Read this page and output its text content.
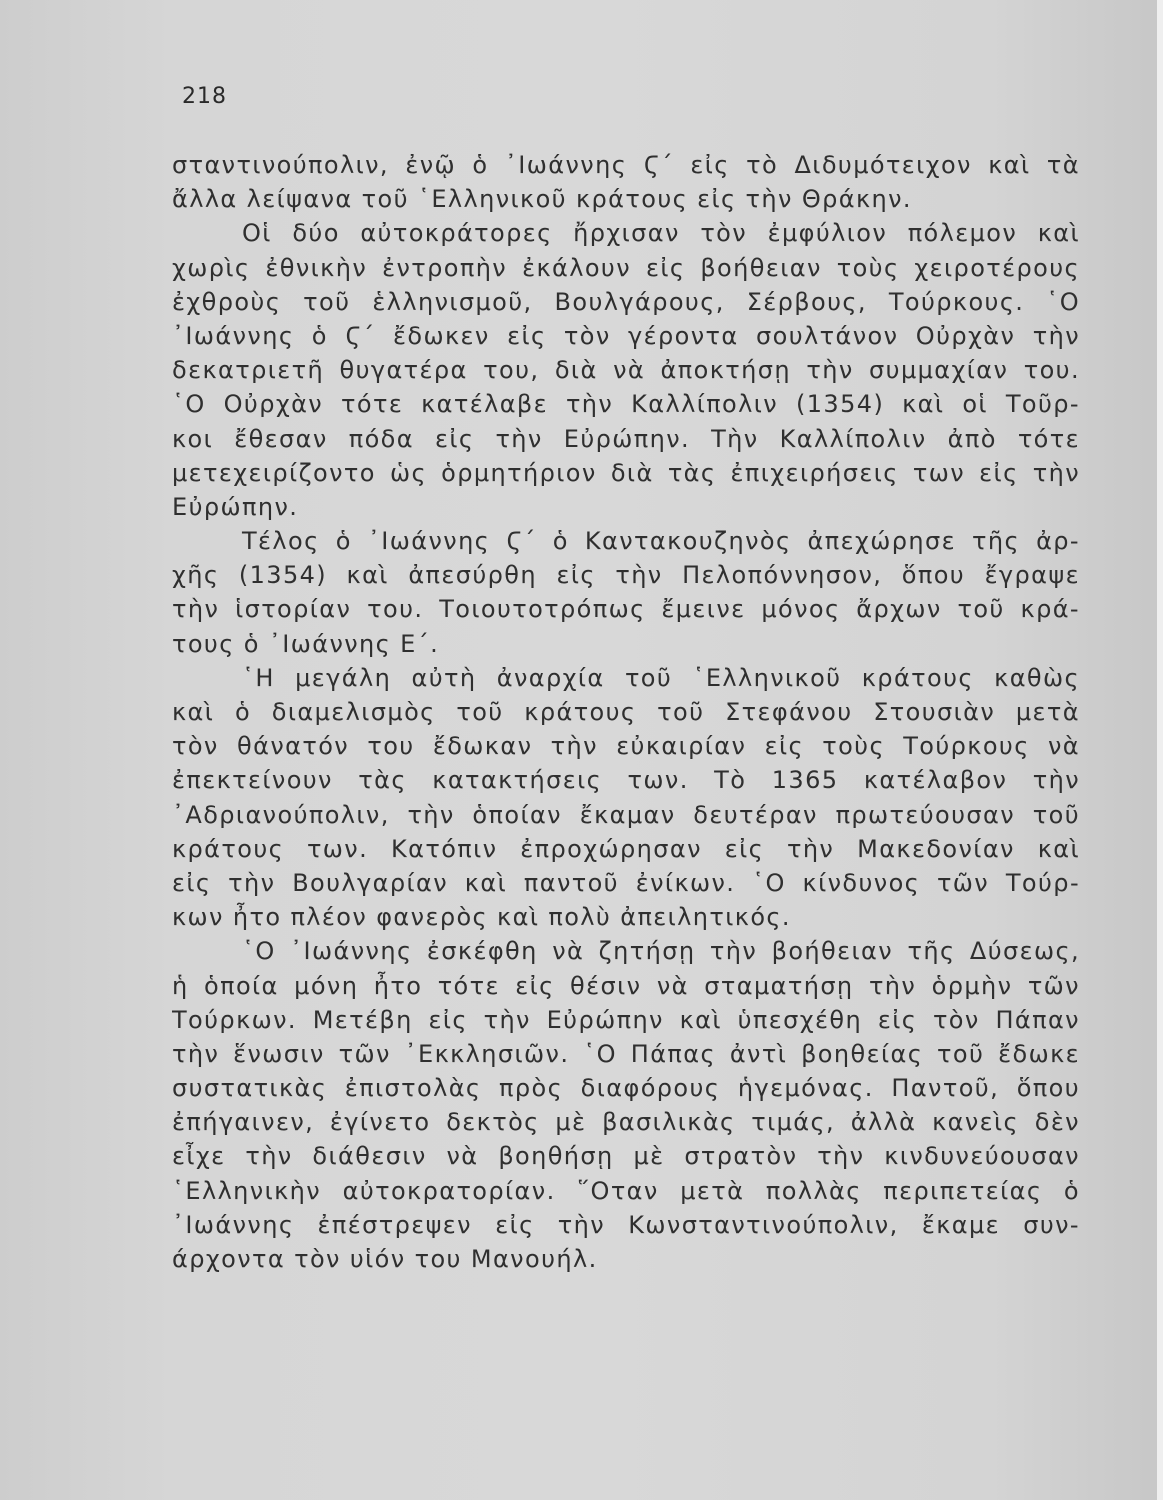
218
σταντινούπολιν, ἐνῷ ὁ ᾿Ιωάννης Ϛ΄ εἰς τὸ Διδυμότειχον καὶ τὰ
ἄλλα λείψανα τοῦ ῾Ελληνικοῦ κράτους εἰς τὴν Θράκην.
Οἱ δύο αὐτοκράτορες ἤρχισαν τὸν ἐμφύλιον πόλεμον καὶ
χωρὶς ἐθνικὴν ἐντροπὴν ἐκάλουν εἰς βοήθειαν τοὺς χειροτέρους
ἐχθροὺς τοῦ ἑλληνισμοῦ, Βουλγάρους, Σέρβους, Τούρκους. ῾Ο
᾿Ιωάννης ὁ Ϛ΄ ἔδωκεν εἰς τὸν γέροντα σουλτάνον Οὐρχὰν τὴν
δεκατριετῆ θυγατέρα του, διὰ νὰ ἀποκτήσῃ τὴν συμμαχίαν του.
῾Ο Οὐρχὰν τότε κατέλαβε τὴν Καλλίπολιν (1354) καὶ οἱ Τοῦρ-
κοι ἔθεσαν πόδα εἰς τὴν Εὐρώπην. Τὴν Καλλίπολιν ἀπὸ τότε
μετεχειρίζοντο ὡς ὁρμητήριον διὰ τὰς ἐπιχειρήσεις των εἰς τὴν
Εὐρώπην.
Τέλος ὁ ᾿Ιωάννης Ϛ΄ ὁ Καντακουζηνὸς ἀπεχώρησε τῆς ἀρ-
χῆς (1354) καὶ ἀπεσύρθη εἰς τὴν Πελοπόννησον, ὅπου ἔγραψε
τὴν ἱστορίαν του. Τοιουτοτρόπως ἔμεινε μόνος ἄρχων τοῦ κρά-
τους ὁ ᾿Ιωάννης Ε΄.
῾Η μεγάλη αὐτὴ ἀναρχία τοῦ ῾Ελληνικοῦ κράτους καθὼς
καὶ ὁ διαμελισμὸς τοῦ κράτους τοῦ Στεφάνου Στουσιὰν μετὰ
τὸν θάνατόν του ἔδωκαν τὴν εὐκαιρίαν εἰς τοὺς Τούρκους νὰ
ἐπεκτείνουν τὰς κατακτήσεις των. Τὸ 1365 κατέλαβον τὴν
᾿Αδριανούπολιν, τὴν ὁποίαν ἔκαμαν δευτέραν πρωτεύουσαν τοῦ
κράτους των. Κατόπιν ἐπροχώρησαν εἰς τὴν Μακεδονίαν καὶ
εἰς τὴν Βουλγαρίαν καὶ παντοῦ ἐνίκων. ῾Ο κίνδυνος τῶν Τούρ-
κων ἦτο πλέον φανερὸς καὶ πολὺ ἀπειλητικός.
῾Ο ᾿Ιωάννης ἐσκέφθη νὰ ζητήσῃ τὴν βοήθειαν τῆς Δύσεως,
ἡ ὁποία μόνη ἦτο τότε εἰς θέσιν νὰ σταματήσῃ τὴν ὁρμὴν τῶν
Τούρκων. Μετέβη εἰς τὴν Εὐρώπην καὶ ὑπεσχέθη εἰς τὸν Πάπαν
τὴν ἕνωσιν τῶν ᾿Εκκλησιῶν. ῾Ο Πάπας ἀντὶ βοηθείας τοῦ ἔδωκε
συστατικὰς ἐπιστολὰς πρὸς διαφόρους ἡγεμόνας. Παντοῦ, ὅπου
ἐπήγαινεν, ἐγίνετο δεκτὸς μὲ βασιλικὰς τιμάς, ἀλλὰ κανεὶς δὲν
εἶχε τὴν διάθεσιν νὰ βοηθήσῃ μὲ στρατὸν τὴν κινδυνεύουσαν
῾Ελληνικὴν αὐτοκρατορίαν. ῞Οταν μετὰ πολλὰς περιπετείας ὁ
᾿Ιωάννης ἐπέστρεψεν εἰς τὴν Κωνσταντινούπολιν, ἔκαμε συν-
άρχοντα τὸν υἱόν του Μανουήλ.
